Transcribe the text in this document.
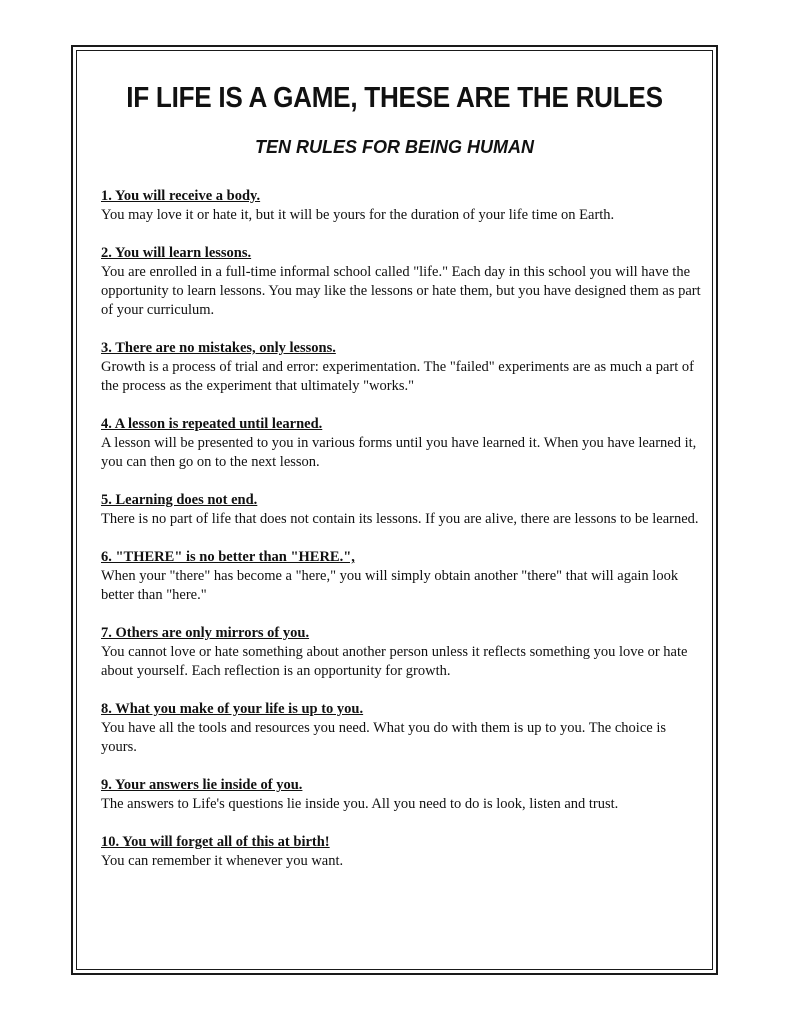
IF LIFE IS A GAME, THESE ARE THE RULES
TEN RULES FOR BEING HUMAN
1. You will receive a body.
You may love it or hate it, but it will be yours for the duration of your life time on Earth.
2. You will learn lessons.
You are enrolled in a full-time informal school called "life." Each day in this school you will have the opportunity to learn lessons. You may like the lessons or hate them, but you have designed them as part of your curriculum.
3. There are no mistakes, only lessons.
Growth is a process of trial and error: experimentation. The "failed" experiments are as much a part of the process as the experiment that ultimately "works."
4. A lesson is repeated until learned.
A lesson will be presented to you in various forms until you have learned it. When you have learned it, you can then go on to the next lesson.
5. Learning does not end.
There is no part of life that does not contain its lessons. If you are alive, there are lessons to be learned.
6. "THERE" is no better than "HERE.",
When your "there" has become a "here," you will simply obtain another "there" that will again look better than "here."
7. Others are only mirrors of you.
You cannot love or hate something about another person unless it reflects something you love or hate about yourself. Each reflection is an opportunity for growth.
8. What you make of your life is up to you.
You have all the tools and resources you need. What you do with them is up to you. The choice is yours.
9. Your answers lie inside of you.
The answers to Life's questions lie inside you. All you need to do is look, listen and trust.
10. You will forget all of this at birth!
You can remember it whenever you want.
